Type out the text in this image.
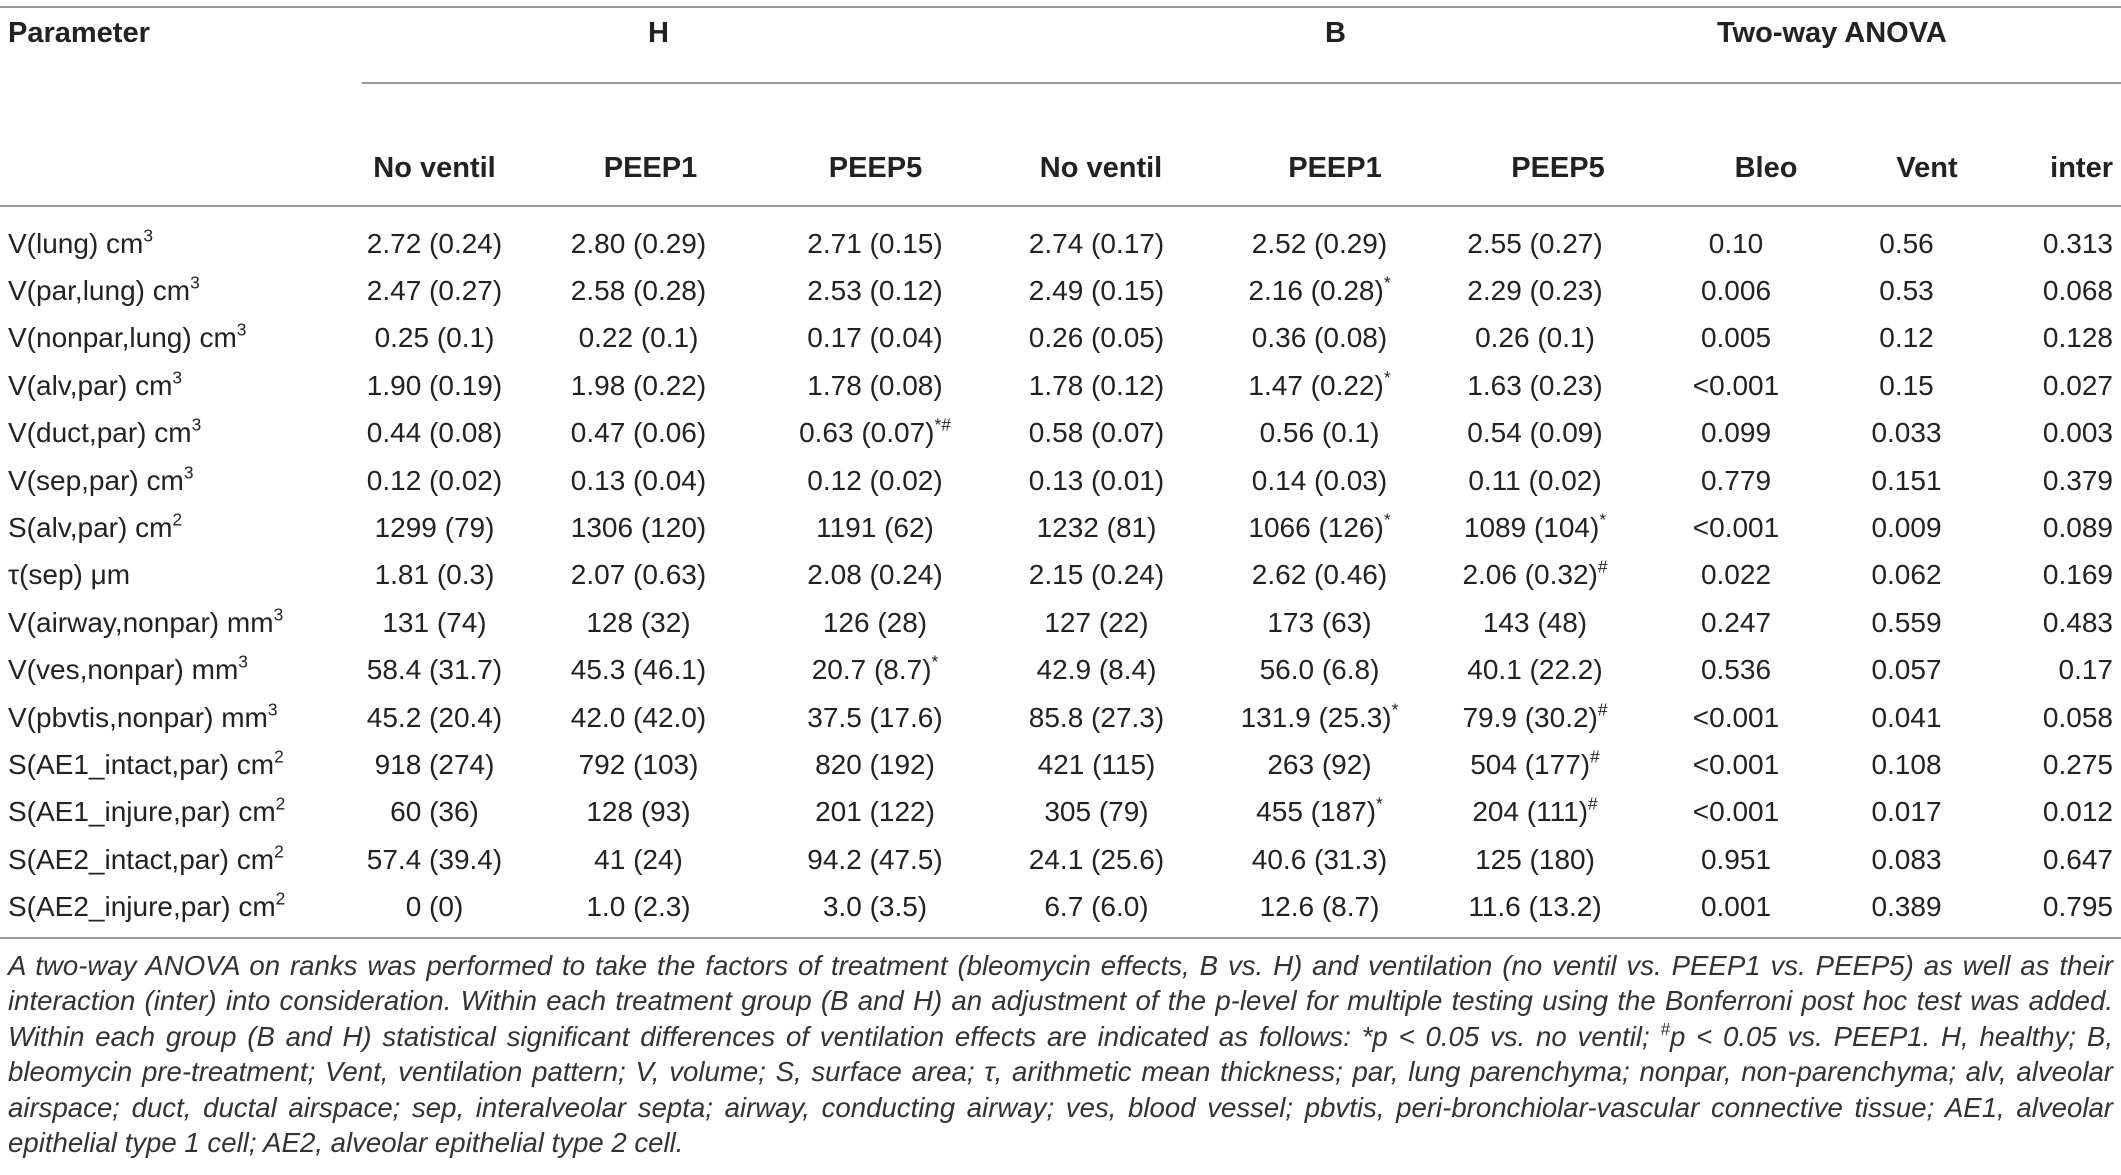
Parameter	H	B	Two-way ANOVA
No ventil	PEEP1	PEEP5	No ventil	PEEP1	PEEP5	Bleo	Vent	inter
V(lung) $cm^3$	2.72 (0.24)	2.80 (0.29)	2.71 (0.15)	2.74 (0.17)	2.52 (0.29)	2.55 (0.27)	0.10	0.56	0.313
V(par,lung) $cm^3$	2.47 (0.27)	2.58 (0.28)	2.53 (0.12)	2.49 (0.15)	2.16 (0.28)*	2.29 (0.23)	0.006	0.53	0.068
V(nonpar,lung) $cm^3$	0.25 (0.1)	0.22 (0.1)	0.17 (0.04)	0.26 (0.05)	0.36 (0.08)	0.26 (0.1)	0.005	0.12	0.128
V(alv,par) $cm^3$	1.90 (0.19)	1.98 (0.22)	1.78 (0.08)	1.78 (0.12)	1.47 (0.22)*	1.63 (0.23)	<0.001	0.15	0.027
V(duct,par) $cm^3$	0.44 (0.08)	0.47 (0.06)	0.63 (0.07)*#	0.58 (0.07)	0.56 (0.1)	0.54 (0.09)	0.099	0.033	0.003
V(sep,par) $cm^3$	0.12 (0.02)	0.13 (0.04)	0.12 (0.02)	0.13 (0.01)	0.14 (0.03)	0.11 (0.02)	0.779	0.151	0.379
S(alv,par) $cm^2$	1299 (79)	1306 (120)	1191 (62)	1232 (81)	1066 (126)*	1089 (104)*	<0.001	0.009	0.089
τ(sep) μm	1.81 (0.3)	2.07 (0.63)	2.08 (0.24)	2.15 (0.24)	2.62 (0.46)	2.06 (0.32)#	0.022	0.062	0.169
V(airway,nonpar) $mm^3$	131 (74)	128 (32)	126 (28)	127 (22)	173 (63)	143 (48)	0.247	0.559	0.483
V(ves,nonpar) $mm^3$	58.4 (31.7)	45.3 (46.1)	20.7 (8.7)*	42.9 (8.4)	56.0 (6.8)	40.1 (22.2)	0.536	0.057	0.17
V(pbvtis,nonpar) $mm^3$	45.2 (20.4)	42.0 (42.0)	37.5 (17.6)	85.8 (27.3)	131.9 (25.3)*	79.9 (30.2)#	<0.001	0.041	0.058
S(AE1_intact,par) $cm^2$	918 (274)	792 (103)	820 (192)	421 (115)	263 (92)	504 (177)#	<0.001	0.108	0.275
S(AE1_injure,par) $cm^2$	60 (36)	128 (93)	201 (122)	305 (79)	455 (187)*	204 (111)#	<0.001	0.017	0.012
S(AE2_intact,par) $cm^2$	57.4 (39.4)	41 (24)	94.2 (47.5)	24.1 (25.6)	40.6 (31.3)	125 (180)	0.951	0.083	0.647
S(AE2_injure,par) $cm^2$	0 (0)	1.0 (2.3)	3.0 (3.5)	6.7 (6.0)	12.6 (8.7)	11.6 (13.2)	0.001	0.389	0.795
A two-way ANOVA on ranks was performed to take the factors of treatment (bleomycin effects, B vs. H) and ventilation (no ventil vs. PEEP1 vs. PEEP5) as well as their interaction (inter) into consideration. Within each treatment group (B and H) an adjustment of the p-level for multiple testing using the Bonferroni post hoc test was added. Within each group (B and H) statistical significant differences of ventilation effects are indicated as follows: *p < 0.05 vs. no ventil; #p < 0.05 vs. PEEP1. H, healthy; B, bleomycin pre-treatment; Vent, ventilation pattern; V, volume; S, surface area; τ, arithmetic mean thickness; par, lung parenchyma; nonpar, non-parenchyma; alv, alveolar airspace; duct, ductal airspace; sep, interalveolar septa; airway, conducting airway; ves, blood vessel; pbvtis, peri-bronchiolar-vascular connective tissue; AE1, alveolar epithelial type 1 cell; AE2, alveolar epithelial type 2 cell.
